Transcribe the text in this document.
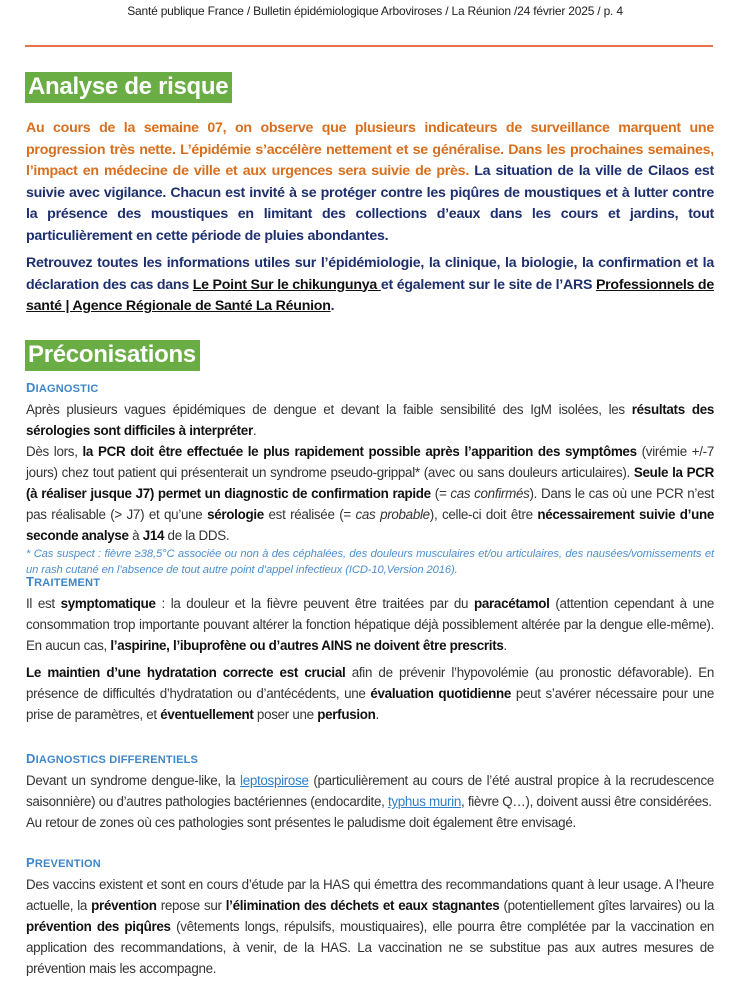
Santé publique France / Bulletin épidémiologique Arboviroses / La Réunion /24 février 2025 / p. 4
Analyse de risque

Au cours de la semaine 07, on observe que plusieurs indicateurs de surveillance marquent une progression très nette. L’épidémie s’accélère nettement et se généralise. Dans les prochaines semaines, l’impact en médecine de ville et aux urgences sera suivie de près. La situation de la ville de Cilaos est suivie avec vigilance. Chacun est invité à se protéger contre les piqûres de moustiques et à lutter contre la présence des moustiques en limitant des collections d’eaux dans les cours et jardins, tout particulièrement en cette période de pluies abondantes.

Retrouvez toutes les informations utiles sur l’épidémiologie, la clinique, la biologie, la confirmation et la déclaration des cas dans Le Point Sur le chikungunya et également sur le site de l’ARS Professionnels de santé | Agence Régionale de Santé La Réunion.

Préconisations
DIAGNOSTIC

Après plusieurs vagues épidémiques de dengue et devant la faible sensibilité des IgM isolées, les résultats des sérologies sont difficiles à interpréter.

Dès lors, la PCR doit être effectuée le plus rapidement possible après l’apparition des symptômes (virémie +/-7 jours) chez tout patient qui présenterait un syndrome pseudo-grippal* (avec ou sans douleurs articulaires). Seule la PCR (à réaliser jusque J7) permet un diagnostic de confirmation rapide (= cas confirmés). Dans le cas où une PCR n’est pas réalisable (> J7) et qu’une sérologie est réalisée (= cas probable), celle-ci doit être nécessairement suivie d’une seconde analyse à J14 de la DDS.

* Cas suspect : fièvre ≥38,5°C associée ou non à des céphalées, des douleurs musculaires et/ou articulaires, des nausées/vomissements et un rash cutané en l’absence de tout autre point d’appel infectieux (ICD-10,Version 2016).

TRAITEMENT

Il est symptomatique : la douleur et la fièvre peuvent être traitées par du paracétamol (attention cependant à une consommation trop importante pouvant altérer la fonction hépatique déjà possiblement altérée par la dengue elle-même). En aucun cas, l’aspirine, l’ibuprofène ou d’autres AINS ne doivent être prescrits.

Le maintien d’une hydratation correcte est crucial afin de prévenir l’hypovolémie (au pronostic défavorable). En présence de difficultés d’hydratation ou d’antécédents, une évaluation quotidienne peut s’avérer nécessaire pour une prise de paramètres, et éventuellement poser une perfusion.

DIAGNOSTICS DIFFERENTIELS

Devant un syndrome dengue-like, la leptospirose (particulièrement au cours de l’été austral propice à la recrudescence saisonnière) ou d’autres pathologies bactériennes (endocardite, typhus murin, fièvre Q…), doivent aussi être considérées.

Au retour de zones où ces pathologies sont présentes le paludisme doit également être envisagé.

PREVENTION

Des vaccins existent et sont en cours d’étude par la HAS qui émettra des recommandations quant à leur usage. A l’heure actuelle, la prévention repose sur l’élimination des déchets et eaux stagnantes (potentiellement gîtes larvaires) ou la prévention des piqûres (vêtements longs, répulsifs, moustiquaires), elle pourra être complétée par la vaccination en application des recommandations, à venir, de la HAS. La vaccination ne se substitue pas aux autres mesures de prévention mais les accompagne.
